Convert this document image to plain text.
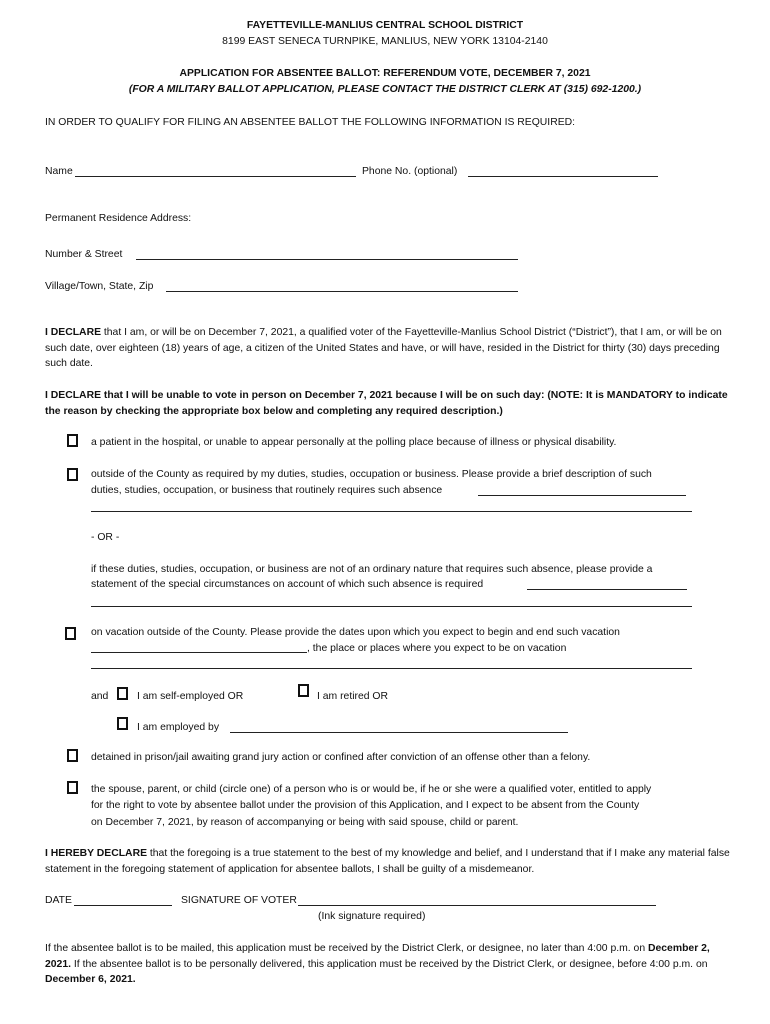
FAYETTEVILLE-MANLIUS CENTRAL SCHOOL DISTRICT
8199 EAST SENECA TURNPIKE, MANLIUS, NEW YORK 13104-2140
APPLICATION FOR ABSENTEE BALLOT: REFERENDUM VOTE, DECEMBER 7, 2021
(FOR A MILITARY BALLOT APPLICATION, PLEASE CONTACT THE DISTRICT CLERK AT (315) 692-1200.)
IN ORDER TO QUALIFY FOR FILING AN ABSENTEE BALLOT THE FOLLOWING INFORMATION IS REQUIRED:
Name	Phone No. (optional)
Permanent Residence Address:
Number & Street
Village/Town, State, Zip
I DECLARE that I am, or will be on December 7, 2021, a qualified voter of the Fayetteville-Manlius School District (“District”), that I am, or will be on such date, over eighteen (18) years of age, a citizen of the United States and have, or will have, resided in the District for thirty (30) days preceding such date.
I DECLARE that I will be unable to vote in person on December 7, 2021 because I will be on such day: (NOTE: It is MANDATORY to indicate the reason by checking the appropriate box below and completing any required description.)
a patient in the hospital, or unable to appear personally at the polling place because of illness or physical disability.
outside of the County as required by my duties, studies, occupation or business. Please provide a brief description of such
duties, studies, occupation, or business that routinely requires such absence
- OR -
if these duties, studies, occupation, or business are not of an ordinary nature that requires such absence, please provide a
statement of the special circumstances on account of which such absence is required
on vacation outside of the County. Please provide the dates upon which you expect to begin and end such vacation
, the place or places where you expect to be on vacation
and	I am self-employed OR	I am retired OR
I am employed by
detained in prison/jail awaiting grand jury action or confined after conviction of an offense other than a felony.
the spouse, parent, or child (circle one) of a person who is or would be, if he or she were a qualified voter, entitled to apply
for the right to vote by absentee ballot under the provision of this Application, and I expect to be absent from the County
on December 7, 2021, by reason of accompanying or being with said spouse, child or parent.
I HEREBY DECLARE that the foregoing is a true statement to the best of my knowledge and belief, and I understand that if I make any material false statement in the foregoing statement of application for absentee ballots, I shall be guilty of a misdemeanor.
DATE	SIGNATURE OF VOTER
(Ink signature required)
If the absentee ballot is to be mailed, this application must be received by the District Clerk, or designee, no later than 4:00 p.m. on December 2, 2021. If the absentee ballot is to be personally delivered, this application must be received by the District Clerk, or designee, before 4:00 p.m. on December 6, 2021.
